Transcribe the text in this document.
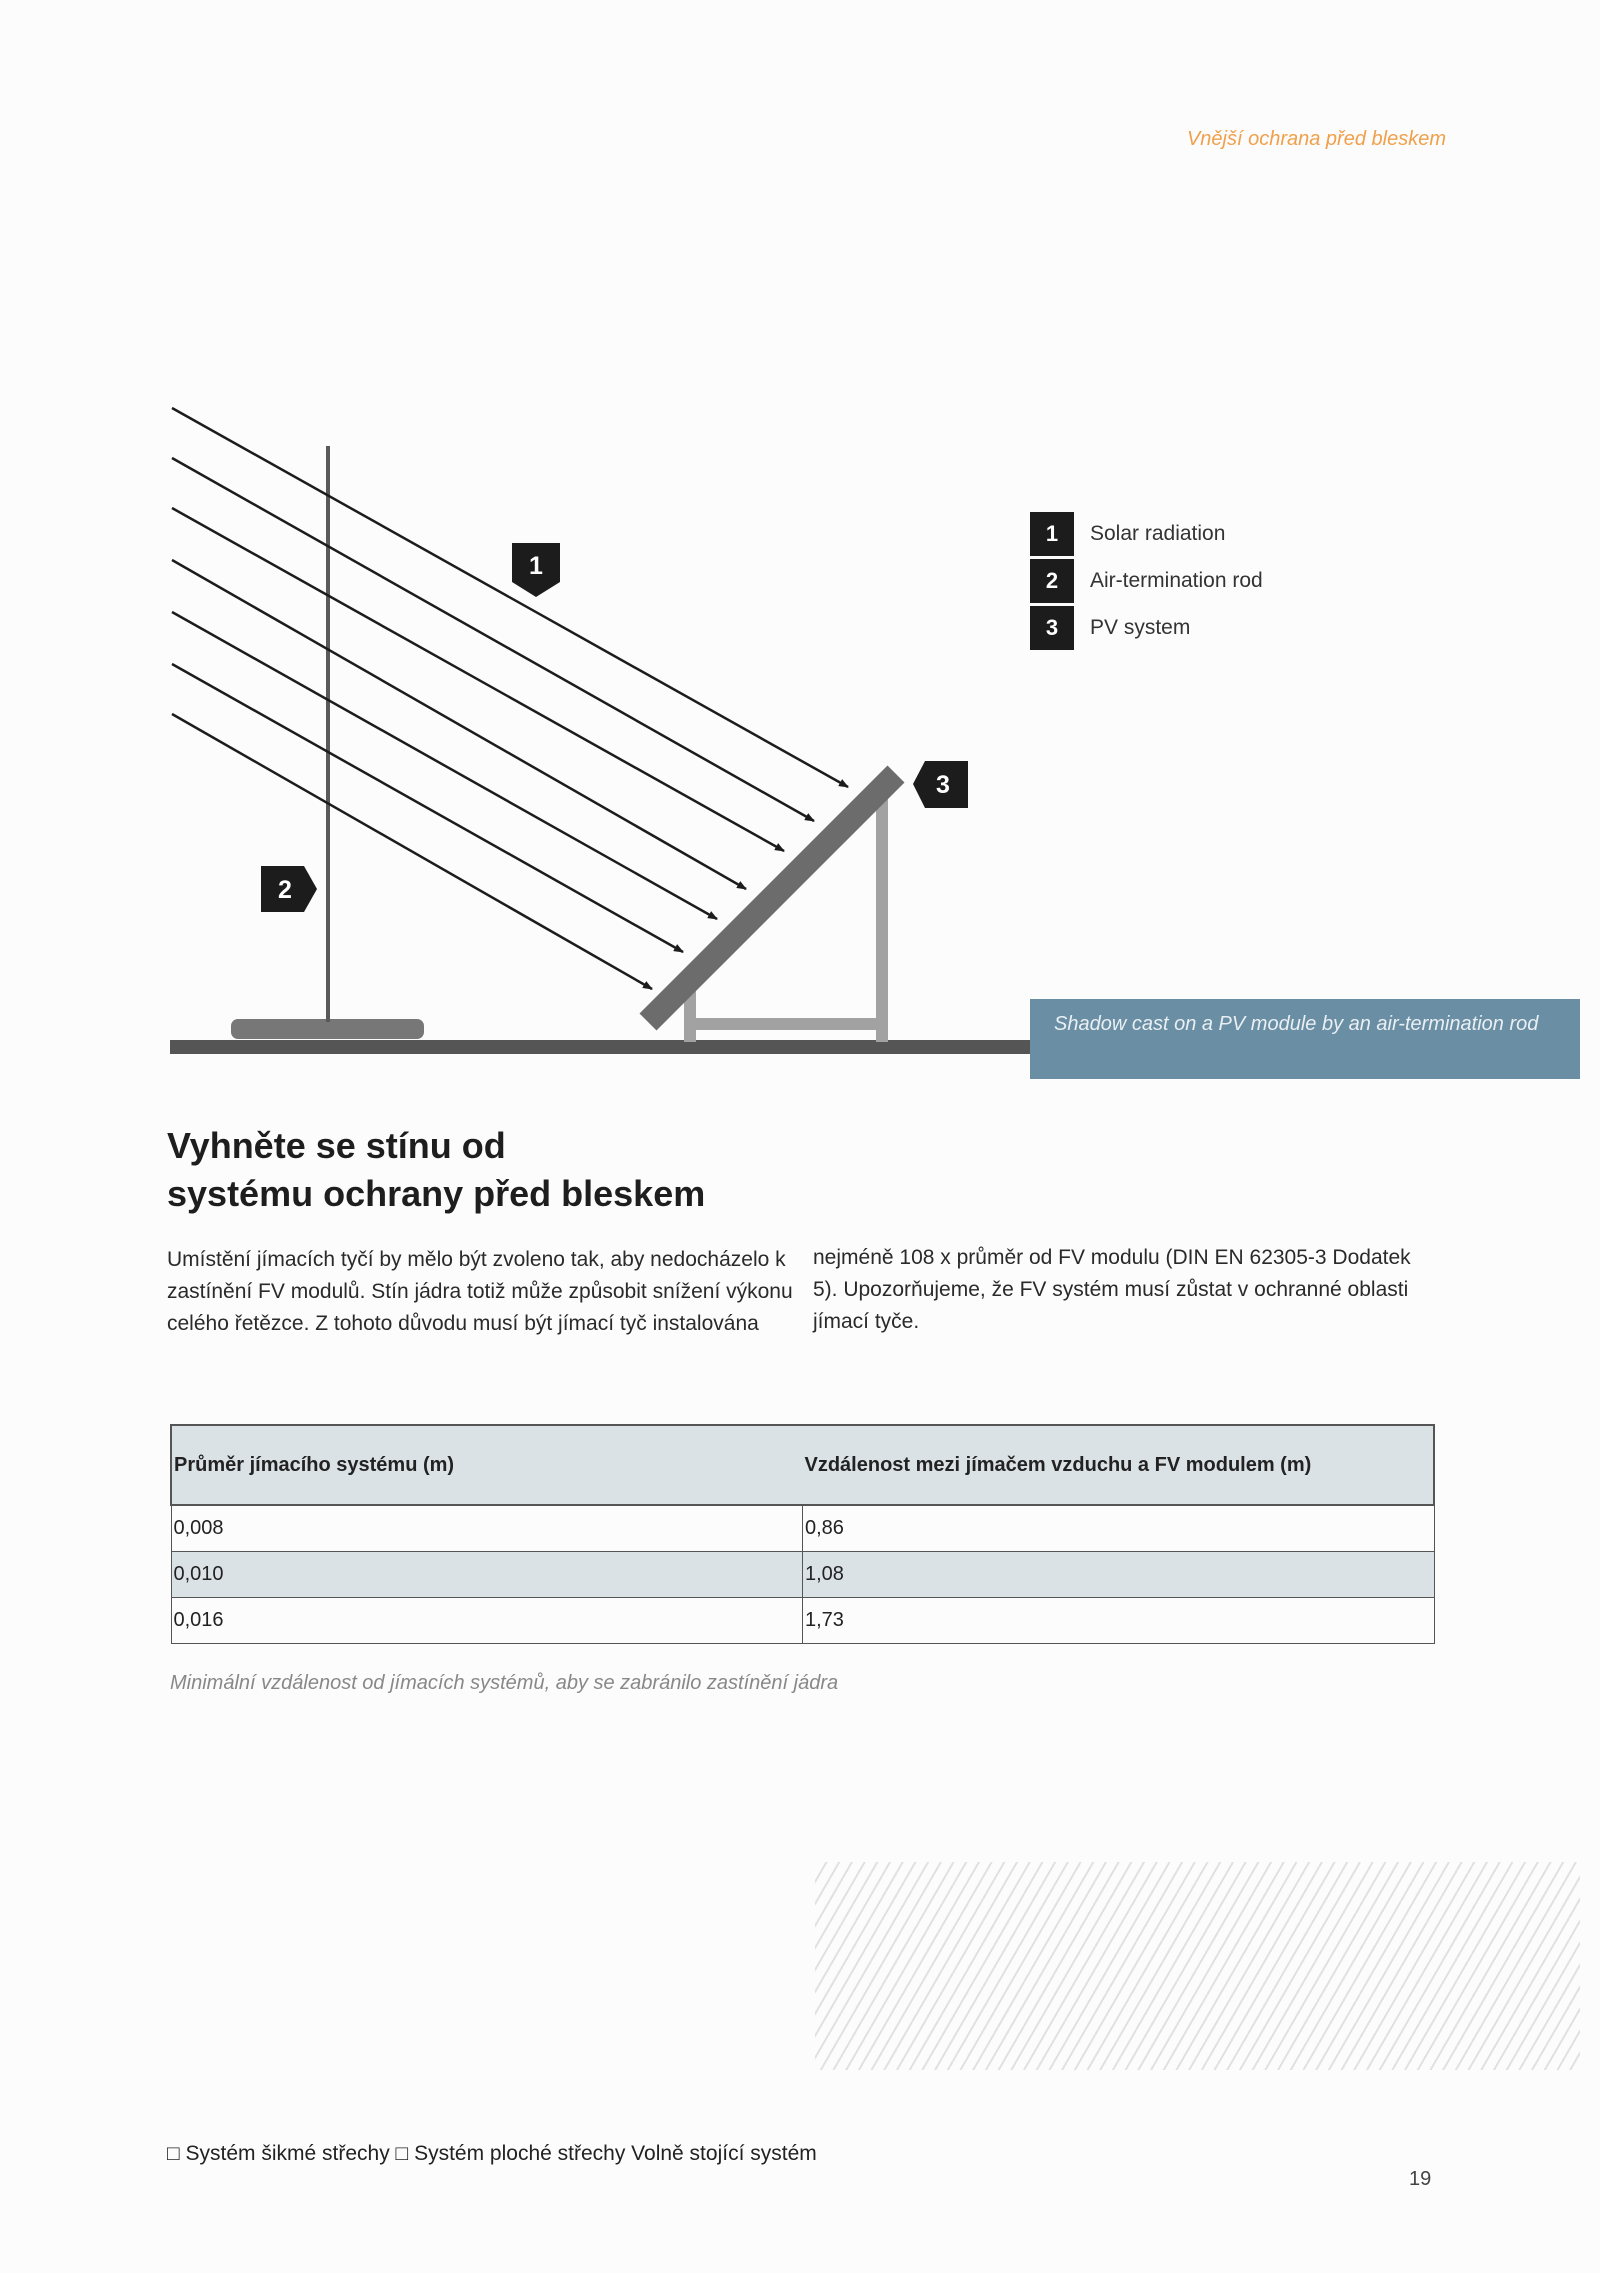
Vnější ochrana před bleskem
1
2
3
1	Solar radiation
2	Air-termination rod
3	PV system
Shadow cast on a PV module by an air-termination rod
Vyhněte se stínu od
systému ochrany před bleskem

Umístění jímacích tyčí by mělo být zvoleno tak, aby nedocházelo k zastínění FV modulů. Stín jádra totiž může způsobit snížení výkonu celého řetězce. Z tohoto důvodu musí být jímací tyč instalována

nejméně 108 x průměr od FV modulu (DIN EN 62305-3 Dodatek 5). Upozorňujeme, že FV systém musí zůstat v ochranné oblasti jímací tyče.

Průměr jímacího systému (m)	Vzdálenost mezi jímačem vzduchu a FV modulem (m)
0,008	0,86
0,010	1,08
0,016	1,73
Minimální vzdálenost od jímacích systémů, aby se zabránilo zastínění jádra
□ Systém šikmé střechy □ Systém ploché střechy Volně stojící systém
19
